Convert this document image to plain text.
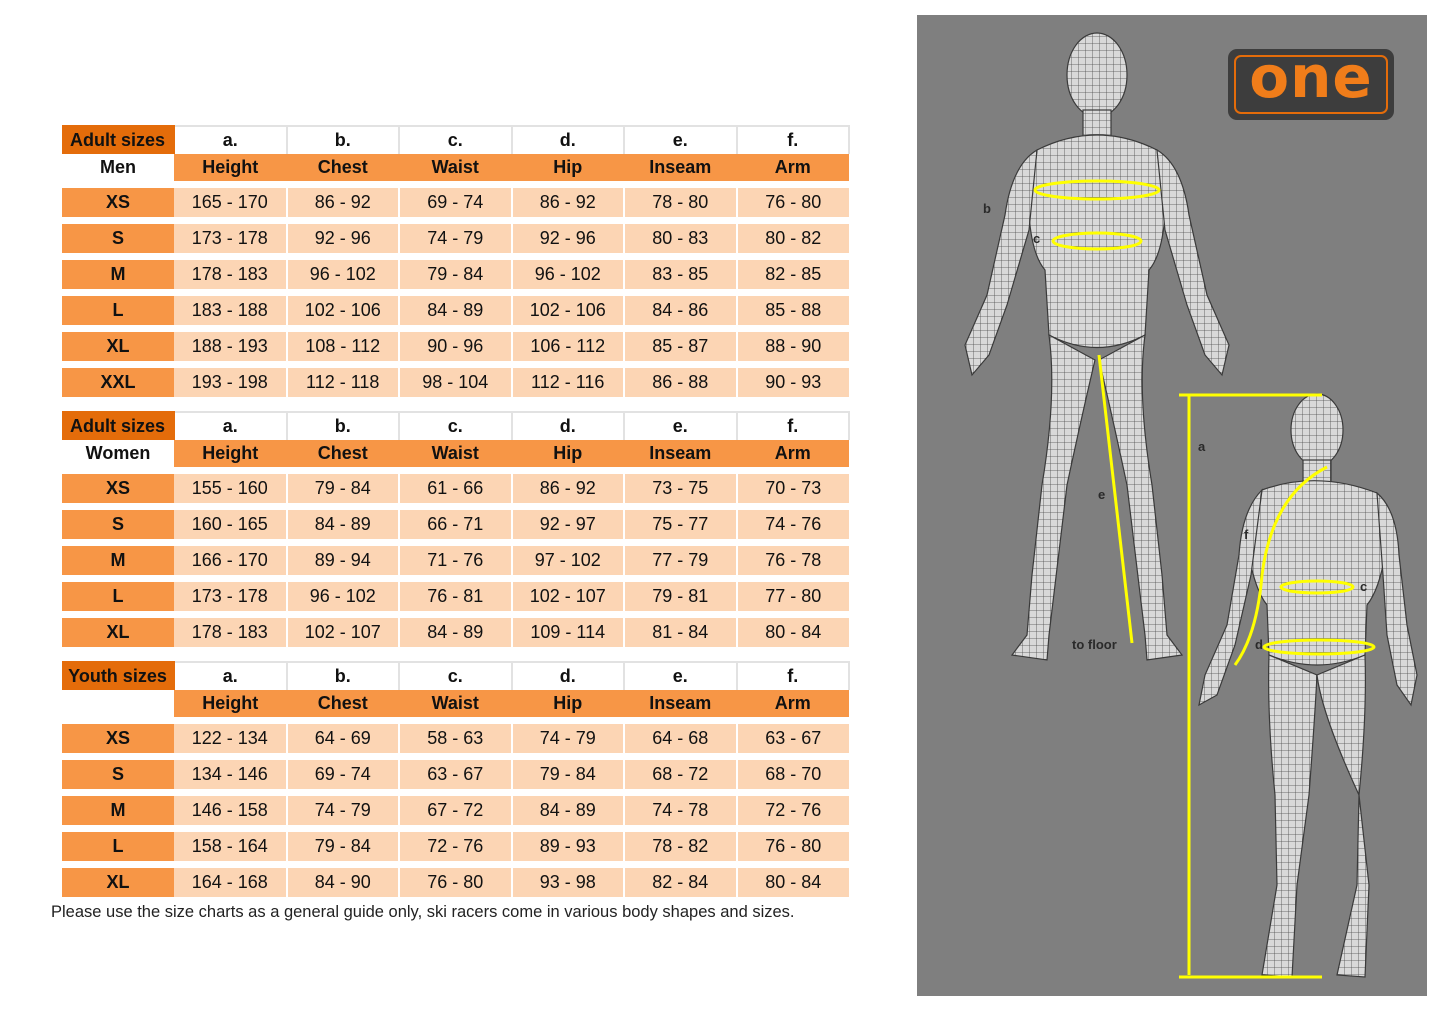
Adult sizes	a.	b.	c.	d.	e.	f.
Men	Height	Chest	Waist	Hip	Inseam	Arm
XS	165 - 170	86 - 92	69 - 74	86 - 92	78 - 80	76 - 80
S	173 - 178	92 - 96	74 - 79	92 - 96	80 - 83	80 - 82
M	178 - 183	96 - 102	79 - 84	96 - 102	83 - 85	82 - 85
L	183 - 188	102 - 106	84 - 89	102 - 106	84 - 86	85 - 88
XL	188 - 193	108 - 112	90 - 96	106 - 112	85 - 87	88 - 90
XXL	193 - 198	112 - 118	98 - 104	112 - 116	86 - 88	90 - 93
Adult sizes	a.	b.	c.	d.	e.	f.
Women	Height	Chest	Waist	Hip	Inseam	Arm
XS	155 - 160	79 - 84	61 - 66	86 - 92	73 - 75	70 - 73
S	160 - 165	84 - 89	66 - 71	92 - 97	75 - 77	74 - 76
M	166 - 170	89 - 94	71 - 76	97 - 102	77 - 79	76 - 78
L	173 - 178	96 - 102	76 - 81	102 - 107	79 - 81	77 - 80
XL	178 - 183	102 - 107	84 - 89	109 - 114	81 - 84	80 - 84
Youth sizes	a.	b.	c.	d.	e.	f.
	Height	Chest	Waist	Hip	Inseam	Arm
XS	122 - 134	64 - 69	58 - 63	74 - 79	64 - 68	63 - 67
S	134 - 146	69 - 74	63 - 67	79 - 84	68 - 72	68 - 70
M	146 - 158	74 - 79	67 - 72	84 - 89	74 - 78	72 - 76
L	158 - 164	79 - 84	72 - 76	89 - 93	78 - 82	76 - 80
XL	164 - 168	84 - 90	76 - 80	93 - 98	82 - 84	80 - 84
Please use the size charts as a general guide only, ski racers come in various body shapes and sizes.
one
b
c
e
to floor
a
f
c
d
